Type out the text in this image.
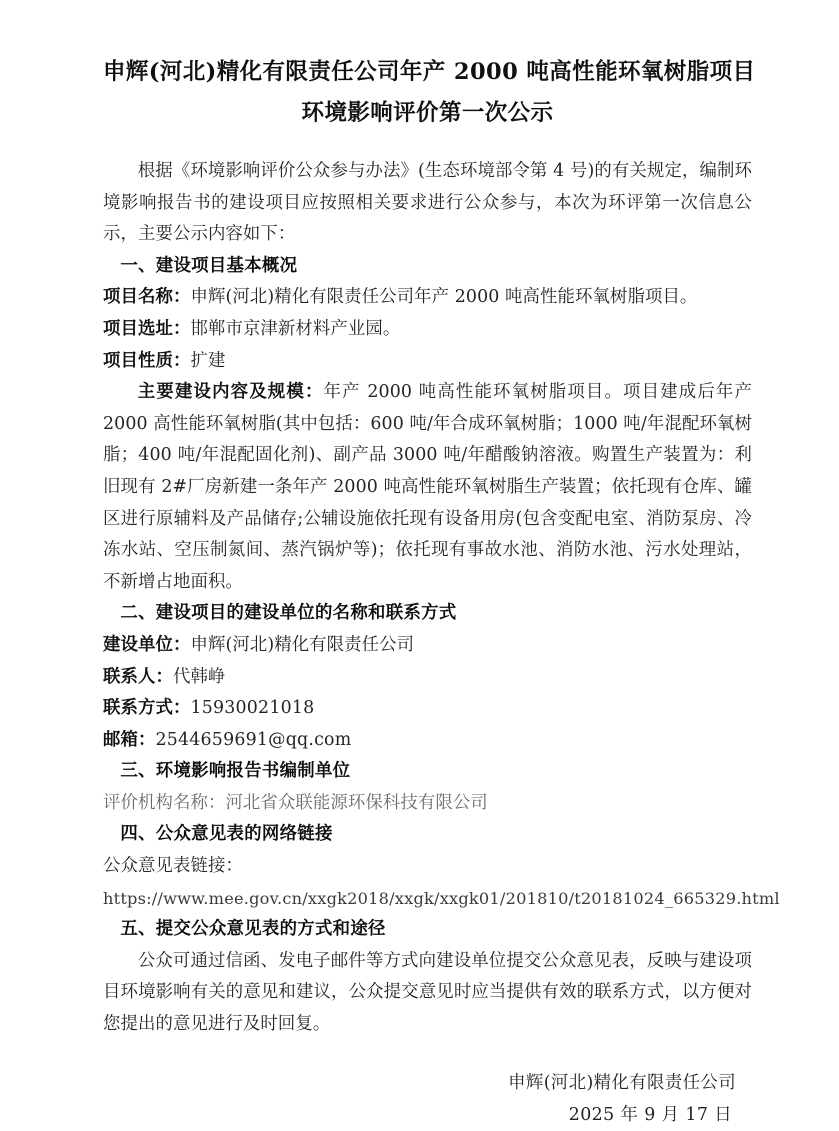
申辉(河北)精化有限责任公司年产 2000 吨高性能环氧树脂项目
环境影响评价第一次公示

根据《环境影响评价公众参与办法》(生态环境部令第 4 号)的有关规定，编制环境影响报告书的建设项目应按照相关要求进行公众参与，本次为环评第一次信息公示，主要公示内容如下：

一、建设项目基本概况

项目名称：申辉(河北)精化有限责任公司年产 2000 吨高性能环氧树脂项目。

项目选址：邯郸市京津新材料产业园。

项目性质：扩建

主要建设内容及规模：年产 2000 吨高性能环氧树脂项目。项目建成后年产 2000 高性能环氧树脂(其中包括：600 吨/年合成环氧树脂；1000 吨/年混配环氧树脂；400 吨/年混配固化剂)、副产品 3000 吨/年醋酸钠溶液。购置生产装置为：利旧现有 2#厂房新建一条年产 2000 吨高性能环氧树脂生产装置；依托现有仓库、罐区进行原辅料及产品储存;公辅设施依托现有设备用房(包含变配电室、消防泵房、冷冻水站、空压制氮间、蒸汽锅炉等)；依托现有事故水池、消防水池、污水处理站，不新增占地面积。

二、建设项目的建设单位的名称和联系方式

建设单位：申辉(河北)精化有限责任公司

联系人：代韩峥

联系方式：15930021018

邮箱：2544659691@qq.com

三、环境影响报告书编制单位

评价机构名称：河北省众联能源环保科技有限公司

四、公众意见表的网络链接

公众意见表链接：

https://www.mee.gov.cn/xxgk2018/xxgk/xxgk01/201810/t20181024_665329.html

五、提交公众意见表的方式和途径

公众可通过信函、发电子邮件等方式向建设单位提交公众意见表，反映与建设项目环境影响有关的意见和建议，公众提交意见时应当提供有效的联系方式，以方便对您提出的意见进行及时回复。

申辉(河北)精化有限责任公司
2025 年 9 月 17 日
